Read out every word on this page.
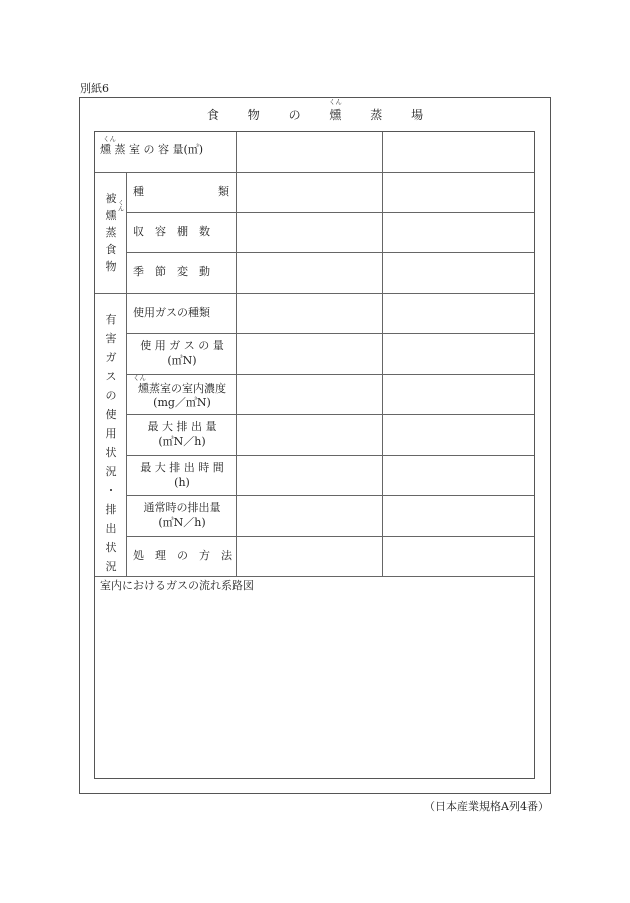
別紙6
食 物 の
くん
燻 蒸 場
くん
燻 蒸 室 の 容 量(㎥)
被
燻
く ん
蒸
食
物
種	類
収　容　棚　数
季　節　変　動
有
害
ガ
ス
の
使
用
状
況
・
排
出
状
況
使用ガスの種類
使 用 ガ ス の 量
(㎥N)
くん
燻蒸室の室内濃度
(mg／㎥N)
最 大 排 出 量
(㎥N／h)
最 大 排 出 時 間
(h)
通常時の排出量
(㎥N／h)
処　理　の　方　法
室内におけるガスの流れ系路図
（日本産業規格A列4番）
